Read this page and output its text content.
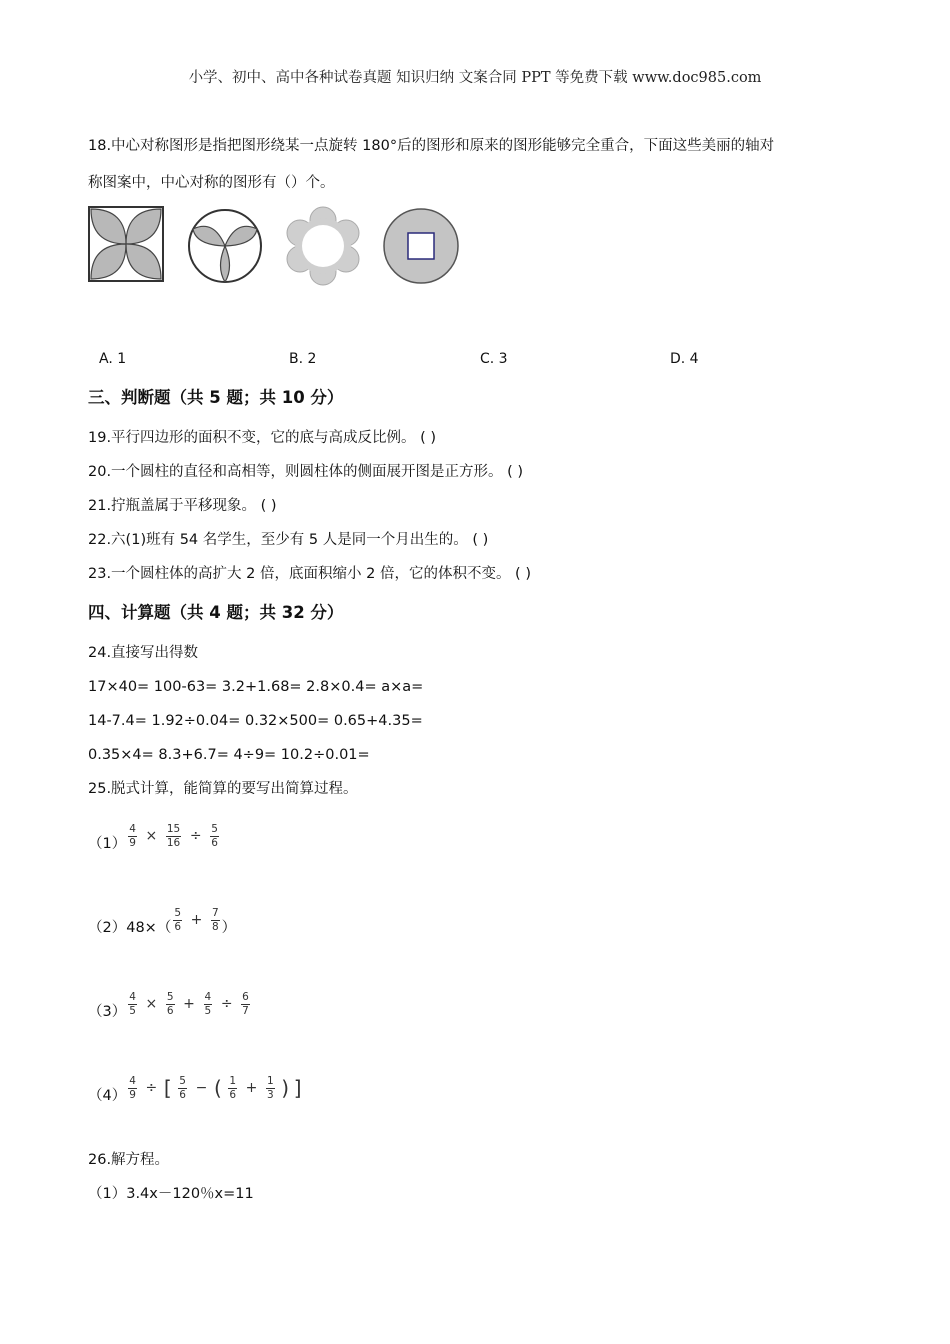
小学、初中、高中各种试卷真题 知识归纳 文案合同 PPT 等免费下载 www.doc985.com
18.中心对称图形是指把图形绕某一点旋转 180°后的图形和原来的图形能够完全重合，下面这些美丽的轴对
称图案中，中心对称的图形有（）个。
A. 1	B. 2	C. 3	D. 4
三、判断题（共 5 题；共 10 分）
19.平行四边形的面积不变，它的底与高成反比例。 ( )
20.一个圆柱的直径和高相等，则圆柱体的侧面展开图是正方形。 ( )
21.拧瓶盖属于平移现象。 ( )
22.六(1)班有 54 名学生，至少有 5 人是同一个月出生的。 ( )
23.一个圆柱体的高扩大 2 倍，底面积缩小 2 倍，它的体积不变。 ( )
四、计算题（共 4 题；共 32 分）
24.直接写出得数
17×40= 100-63= 3.2+1.68= 2.8×0.4= a×a=
14-7.4= 1.92÷0.04= 0.32×500= 0.65+4.35=
0.35×4= 8.3+6.7= 4÷9= 10.2÷0.01=
25.脱式计算，能简算的要写出简算过程。
$(1) \frac{4}{9} \times \frac{15}{16} \div \frac{5}{6}$
$(2)48\times( \frac{5}{6} + \frac{7}{8}$ ）
$(3) \frac{4}{5} \times \frac{5}{6} + \frac{4}{5} \div \frac{6}{7}$
$(4) \frac{4}{9}$ ÷ [ $\frac{5}{6}$ − ( $\frac{1}{6} + \frac{1}{3}$ ) ]
26.解方程。
（1）3.4x－120％x=11
